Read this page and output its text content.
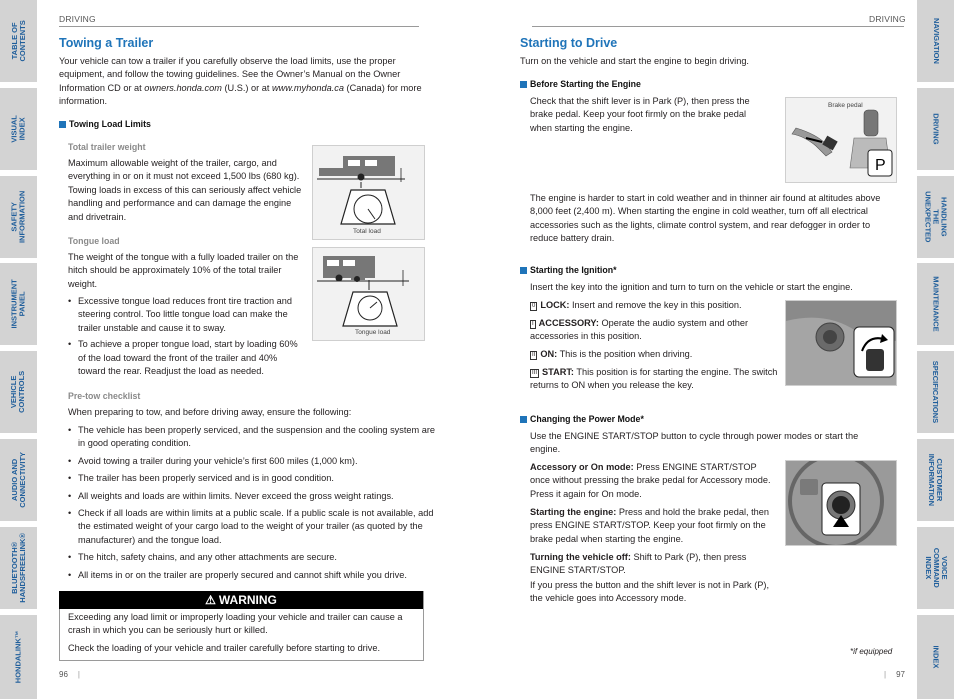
TABLE OF CONTENTS
VISUAL INDEX
SAFETY
INFORMATION
INSTRUMENT PANEL
VEHICLE
CONTROLS
AUDIO AND
CONNECTIVITY
BLUETOOTH®
HANDSFREELINK®
HONDALINK™
NAVIGATION
DRIVING
HANDLING THE
UNEXPECTED
MAINTENANCE
SPECIFICATIONS
CUSTOMER
INFORMATION
VOICE COMMAND
INDEX
INDEX
DRIVING
Towing a Trailer

Your vehicle can tow a trailer if you carefully observe the load limits, use the proper equipment, and follow the towing guidelines. See the Owner’s Manual on the Owner Information CD or at owners.honda.com (U.S.) or at www.myhonda.ca (Canada) for more information.

Towing Load Limits
Total trailer weight

Maximum allowable weight of the trailer, cargo, and everything in or on it must not exceed 1,500 lbs (680 kg). Towing loads in excess of this can seriously affect vehicle handling and performance and can damage the engine and drivetrain.

Total load
Tongue load

The weight of the tongue with a fully loaded trailer on the hitch should be approximately 10% of the total trailer weight.

• Excessive tongue load reduces front tire traction and steering control. Too little tongue load can make the trailer unstable and cause it to sway.
• To achieve a proper tongue load, start by loading 60% of the load toward the front of the trailer and 40% toward the rear. Readjust the load as needed.
Tongue load
Pre-tow checklist

When preparing to tow, and before driving away, ensure the following:

• The vehicle has been properly serviced, and the suspension and the cooling system are in good operating condition.
• Avoid towing a trailer during your vehicle’s first 600 miles (1,000 km).
• The trailer has been properly serviced and is in good condition.
• All weights and loads are within limits. Never exceed the gross weight ratings.
• Check if all loads are within limits at a public scale. If a public scale is not available, add the estimated weight of your cargo load to the weight of your trailer (as quoted by the manufacturer) and the tongue load.
• The hitch, safety chains, and any other attachments are secure.
• All items in or on the trailer are properly secured and cannot shift while you drive.
⚠ WARNING

Exceeding any load limit or improperly loading your vehicle and trailer can cause a crash in which you can be seriously hurt or killed.

Check the loading of your vehicle and trailer carefully before starting to drive.

96 |
DRIVING
Starting to Drive

Turn on the vehicle and start the engine to begin driving.

Before Starting the Engine

Check that the shift lever is in Park (P), then press the brake pedal. Keep your foot firmly on the brake pedal when starting the engine.

Brake pedal
P

The engine is harder to start in cold weather and in thinner air found at altitudes above 8,000 feet (2,400 m). When starting the engine in cold weather, turn off all electrical accessories such as the lights, climate control system, and rear defogger in order to reduce battery drain.

Starting the Ignition*

Insert the key into the ignition and turn to turn on the vehicle or start the engine.

0 LOCK: Insert and remove the key in this position.

I ACCESSORY: Operate the audio system and other accessories in this position.

II ON: This is the position when driving.

III START: This position is for starting the engine. The switch returns to ON when you release the key.

Changing the Power Mode*

Use the ENGINE START/STOP button to cycle through power modes or start the engine.

Accessory or On mode: Press ENGINE START/STOP once without pressing the brake pedal for Accessory mode. Press it again for On mode.

Starting the engine: Press and hold the brake pedal, then press ENGINE START/STOP. Keep your foot firmly on the brake pedal when starting the engine.

Turning the vehicle off: Shift to Park (P), then press ENGINE START/STOP.

If you press the button and the shift lever is not in Park (P), the vehicle goes into Accessory mode.

*if equipped
| 97
